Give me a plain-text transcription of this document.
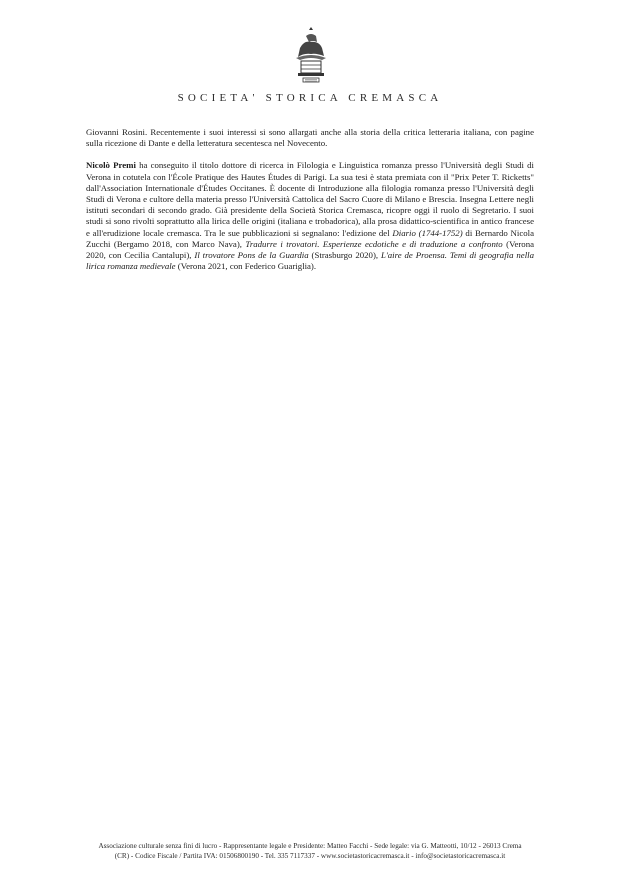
SOCIETA' STORICA CREMASCA

Giovanni Rosini. Recentemente i suoi interessi si sono allargati anche alla storia della critica letteraria italiana, con pagine sulla ricezione di Dante e della letteratura secentesca nel Novecento.

Nicolò Premi ha conseguito il titolo dottore di ricerca in Filologia e Linguistica romanza presso l'Università degli Studi di Verona in cotutela con l'École Pratique des Hautes Études di Parigi. La sua tesi è stata premiata con il "Prix Peter T. Ricketts" dall'Association Internationale d'Études Occitanes. È docente di Introduzione alla filologia romanza presso l'Università degli Studi di Verona e cultore della materia presso l'Università Cattolica del Sacro Cuore di Milano e Brescia. Insegna Lettere negli istituti secondari di secondo grado. Già presidente della Società Storica Cremasca, ricopre oggi il ruolo di Segretario. I suoi studi si sono rivolti soprattutto alla lirica delle origini (italiana e trobadorica), alla prosa didattico-scientifica in antico francese e all'erudizione locale cremasca. Tra le sue pubblicazioni si segnalano: l'edizione del Diario (1744-1752) di Bernardo Nicola Zucchi (Bergamo 2018, con Marco Nava), Tradurre i trovatori. Esperienze ecdotiche e di traduzione a confronto (Verona 2020, con Cecilia Cantalupi), Il trovatore Pons de la Guardia (Strasburgo 2020), L'aire de Proensa. Temi di geografia nella lirica romanza medievale (Verona 2021, con Federico Guariglia).

Associazione culturale senza fini di lucro - Rappresentante legale e Presidente: Matteo Facchi - Sede legale: via G. Matteotti, 10/12 - 26013 Crema
(CR) - Codice Fiscale / Partita IVA: 01506800190 - Tel. 335 7117337 - www.societastoricacremasca.it - info@societastoricacremasca.it
